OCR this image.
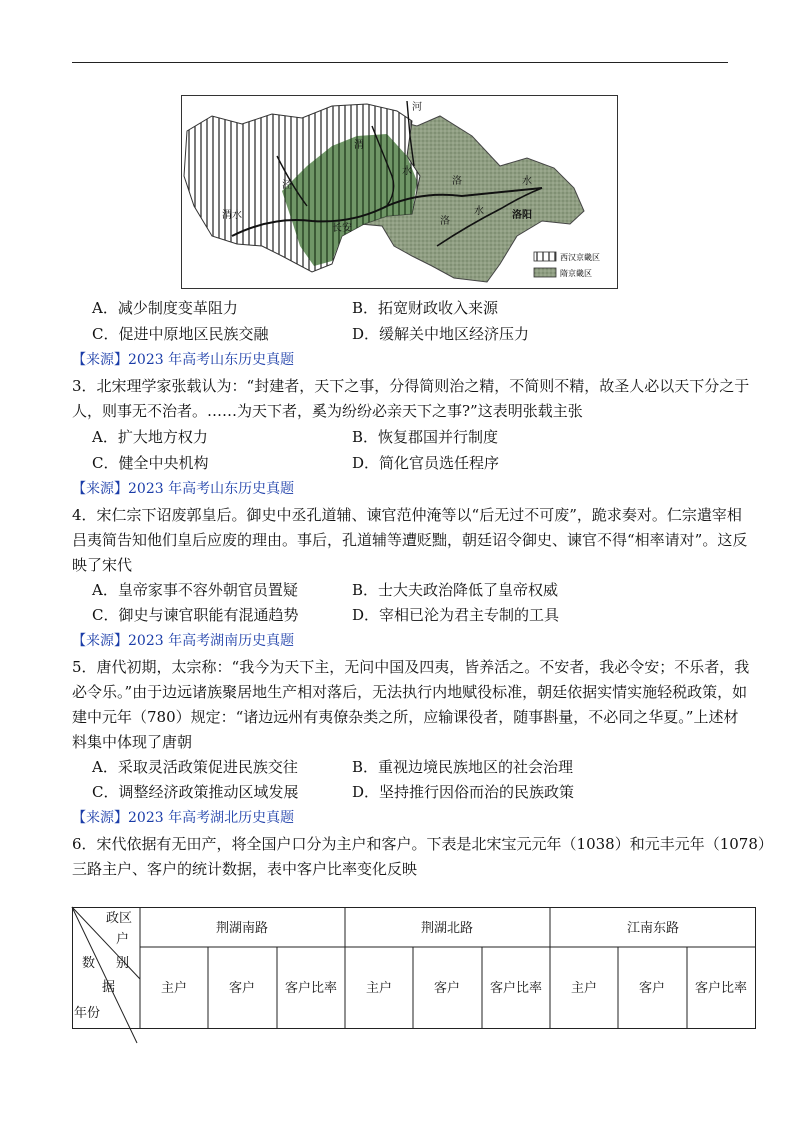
河
渭
水
泾
渭水
长安
洛	水
洛
水	洛阳
西汉京畿区
隋京畿区
A．减少制度变革阻力	B．拓宽财政收入来源
C．促进中原地区民族交融	D．缓解关中地区经济压力
【来源】2023 年高考山东历史真题
3．北宋理学家张载认为：“封建者，天下之事，分得简则治之精，不简则不精，故圣人必以天下分之于
人，则事无不治者。……为天下者，奚为纷纷必亲天下之事?”这表明张载主张
A．扩大地方权力	B．恢复郡国并行制度
C．健全中央机构	D．简化官员选任程序
【来源】2023 年高考山东历史真题
4．宋仁宗下诏废郭皇后。御史中丞孔道辅、谏官范仲淹等以“后无过不可废”，跪求奏对。仁宗遣宰相
吕夷简告知他们皇后应废的理由。事后，孔道辅等遭贬黜，朝廷诏令御史、谏官不得“相率请对”。这反
映了宋代
A．皇帝家事不容外朝官员置疑	B．士大夫政治降低了皇帝权威
C．御史与谏官职能有混通趋势	D．宰相已沦为君主专制的工具
【来源】2023 年高考湖南历史真题
5．唐代初期，太宗称：“我今为天下主，无问中国及四夷，皆养活之。不安者，我必令安；不乐者，我
必令乐。”由于边远诸族聚居地生产相对落后，无法执行内地赋役标准，朝廷依据实情实施轻税政策，如
建中元年（780）规定：“诸边远州有夷僚杂类之所，应输课役者，随事斟量，不必同之华夏。”上述材
料集中体现了唐朝
A．采取灵活政策促进民族交往	B．重视边境民族地区的社会治理
C．调整经济政策推动区域发展	D．坚持推行因俗而治的民族政策
【来源】2023 年高考湖北历史真题
6．宋代依据有无田产，将全国户口分为主户和客户。下表是北宋宝元元年（1038）和元丰元年（1078）
三路主户、客户的统计数据，表中客户比率变化反映
政区
户
数 别
据
年份
荆湖南路	荆湖北路	江南东路
主户	客户 客户比率 主户	客户 客户比率 主户	客户 客户比率
